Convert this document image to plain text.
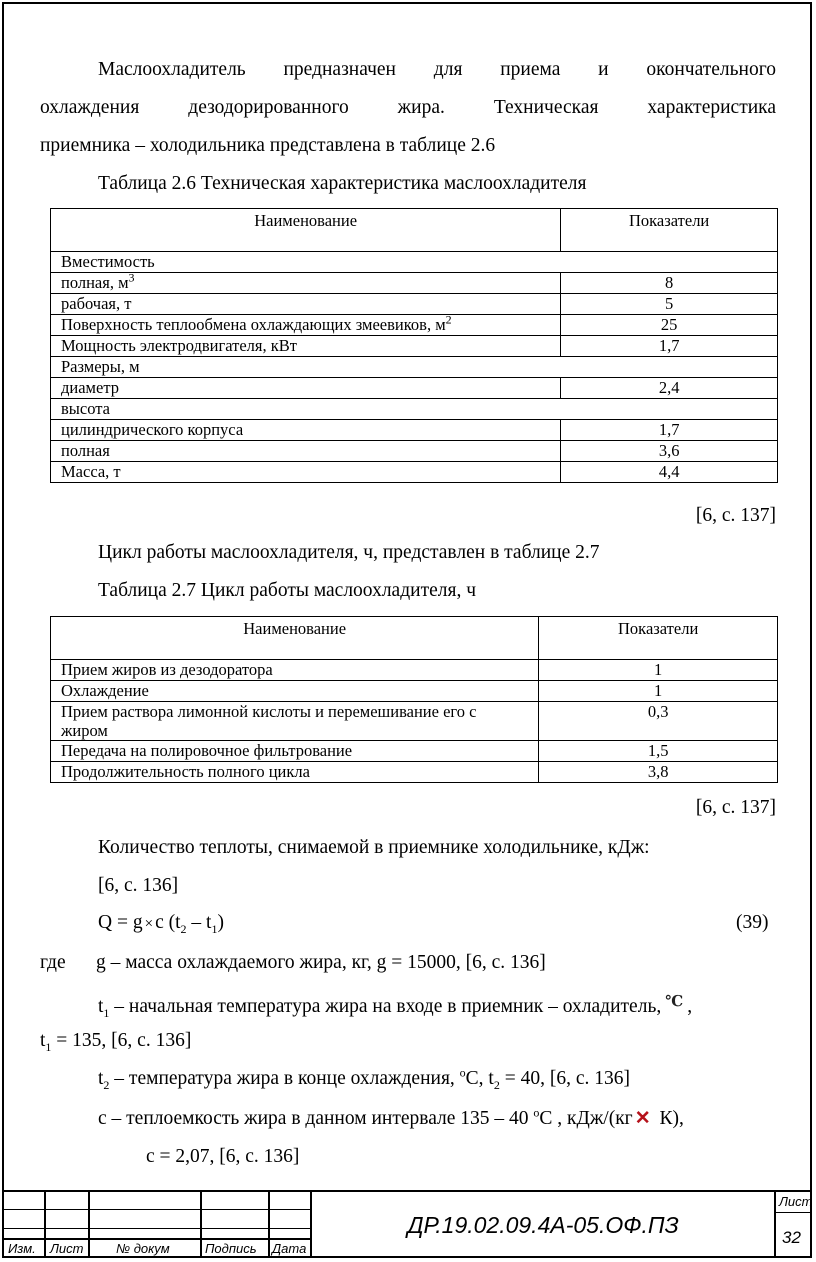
Маслоохладитель предназначен для приема и окончательного
охлаждения дезодорированного жира. Техническая характеристика
приемника – холодильника представлена в таблице 2.6
Таблица 2.6 Техническая характеристика маслоохладителя
Наименование	Показатели
Вместимость	
полная, $м^3$	8
рабочая, т	5
Поверхность теплообмена охлаждающих змеевиков, $м^2$	25
Мощность электродвигателя, кВт	1,7
Размеры, м	
диаметр	2,4
высота	
цилиндрического корпуса	1,7
полная	3,6
Масса, т	4,4
[6, с. 137]
Цикл работы маслоохладителя, ч, представлен в таблице 2.7
Таблица 2.7 Цикл работы маслоохладителя, ч
Наименование	Показатели
Прием жиров из дезодоратора	1
Охлаждение	1

Прием раствора лимонной кислоты и перемешивание его с
жиром	0,3
Передача на полировочное фильтрование	1,5
Продолжительность полного цикла	3,8
[6, с. 137]
Количество теплоты, снимаемой в приемнике холодильнике, кДж:
[6, с. 136]
Q = g × c $(t_2 - t_1)$	(39)
где g – масса охлаждаемого жира, кг, g = 15000, [6, с. 136]
$t_1$ – начальная температура жира на входе в приемник – охладитель, ℃ ,
$t_1 = 135$, [6, с. 136]
$t_2$ – температура жира в конце охлаждения, $^о$С, $t_2 = 40$, [6, с. 136]
с – теплоемкость жира в данном интервале 135 – 40 $^о$С , кДж/(кг ✕ К),
с = 2,07, [6, с. 136]
Изм. Лист	№ докум	Подпись Дата
ДР.19.02.09.4А-05.ОФ.ПЗ
Лист
32
